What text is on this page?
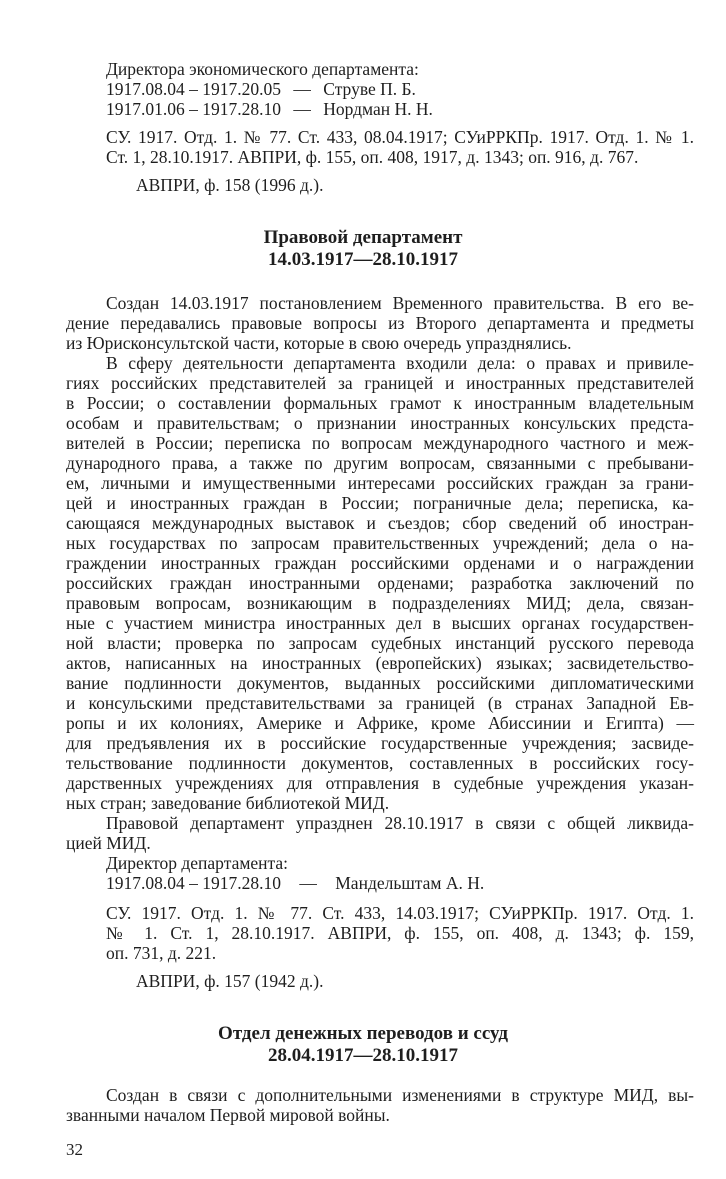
Директора экономического департамента:
1917.08.04 – 1917.20.05 — Струве П. Б.
1917.01.06 – 1917.28.10 — Нордман Н. Н.
СУ. 1917. Отд. 1. № 77. Ст. 433, 08.04.1917; СУиРРКПр. 1917. Отд. 1. № 1.
Ст. 1, 28.10.1917. АВПРИ, ф. 155, оп. 408, 1917, д. 1343; оп. 916, д. 767.
АВПРИ, ф. 158 (1996 д.).
Правовой департамент
14.03.1917—28.10.1917
Создан 14.03.1917 постановлением Временного правительства. В его ве-
дение передавались правовые вопросы из Второго департамента и предметы
из Юрисконсультской части, которые в свою очередь упразднялись.
В сферу деятельности департамента входили дела: о правах и привиле-
гиях российских представителей за границей и иностранных представителей
в России; о составлении формальных грамот к иностранным владетельным
особам и правительствам; о признании иностранных консульских предста-
вителей в России; переписка по вопросам международного частного и меж-
дународного права, а также по другим вопросам, связанными с пребывани-
ем, личными и имущественными интересами российских граждан за грани-
цей и иностранных граждан в России; пограничные дела; переписка, ка-
сающаяся международных выставок и съездов; сбор сведений об иностран-
ных государствах по запросам правительственных учреждений; дела о на-
граждении иностранных граждан российскими орденами и о награждении
российских граждан иностранными орденами; разработка заключений по
правовым вопросам, возникающим в подразделениях МИД; дела, связан-
ные с участием министра иностранных дел в высших органах государствен-
ной власти; проверка по запросам судебных инстанций русского перевода
актов, написанных на иностранных (европейских) языках; засвидетельство-
вание подлинности документов, выданных российскими дипломатическими
и консульскими представительствами за границей (в странах Западной Ев-
ропы и их колониях, Америке и Африке, кроме Абиссинии и Египта) —
для предъявления их в российские государственные учреждения; засвиде-
тельствование подлинности документов, составленных в российских госу-
дарственных учреждениях для отправления в судебные учреждения указан-
ных стран; заведование библиотекой МИД.
Правовой департамент упразднен 28.10.1917 в связи с общей ликвида-
цией МИД.
Директор департамента:
1917.08.04 – 1917.28.10 — Мандельштам А. Н.
СУ. 1917. Отд. 1. № 77. Ст. 433, 14.03.1917; СУиРРКПр. 1917. Отд. 1.
№ 1. Ст. 1, 28.10.1917. АВПРИ, ф. 155, оп. 408, д. 1343; ф. 159,
оп. 731, д. 221.
АВПРИ, ф. 157 (1942 д.).
Отдел денежных переводов и ссуд
28.04.1917—28.10.1917
Создан в связи с дополнительными изменениями в структуре МИД, вы-
званными началом Первой мировой войны.
32
